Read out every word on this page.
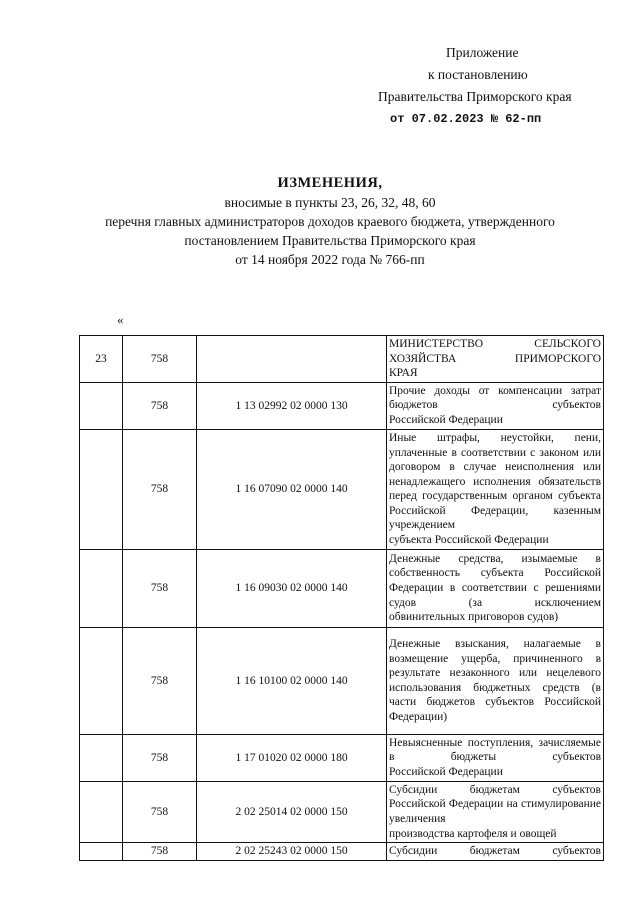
Приложение
к постановлению
Правительства Приморского края
от 07.02.2023 № 62-пп
ИЗМЕНЕНИЯ,
вносимые в пункты 23, 26, 32, 48, 60
перечня главных администраторов доходов краевого бюджета, утвержденного
постановлением Правительства Приморского края
от 14 ноября 2022 года № 766-пп
«
23	758		МИНИСТЕРСТВО СЕЛЬСКОГО ХОЗЯЙСТВА ПРИМОРСКОГО
КРАЯ

	758	1 13 02992 02 0000 130	Прочие доходы от компенсации затрат бюджетов субъектов
Российской Федерации

	758	1 16 07090 02 0000 140	Иные штрафы, неустойки, пени, уплаченные в соответствии с законом или договором в случае неисполнения или ненадлежащего исполнения обязательств перед государственным органом субъекта Российской Федерации, казенным учреждением
субъекта Российской Федерации

	758	1 16 09030 02 0000 140	Денежные средства, изымаемые в собственность субъекта Российской Федерации в соответствии с решениями судов (за исключением
обвинительных приговоров судов)

	758	1 16 10100 02 0000 140	Денежные взыскания, налагаемые в возмещение ущерба, причиненного в результате незаконного или нецелевого использования бюджетных средств (в части бюджетов субъектов Российской
Федерации)

	758	1 17 01020 02 0000 180	Невыясненные поступления, зачисляемые в бюджеты субъектов
Российской Федерации

	758	2 02 25014 02 0000 150	Субсидии бюджетам субъектов Российской Федерации на стимулирование увеличения
производства картофеля и овощей

	758	2 02 25243 02 0000 150	Субсидии бюджетам субъектов
